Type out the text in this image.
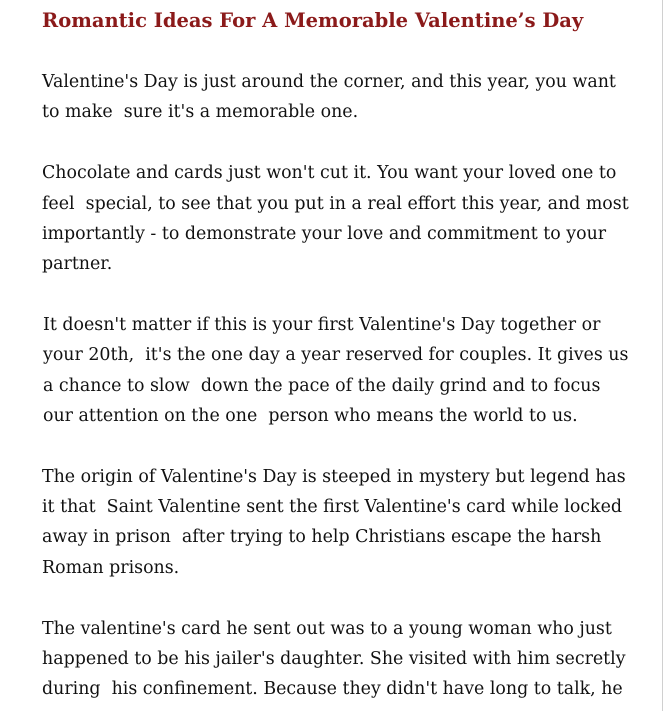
Romantic Ideas For A Memorable Valentine’s Day

Valentine's Day is just around the corner, and this year, you want
to make  sure it's a memorable one.

Chocolate and cards just won't cut it. You want your loved one to
feel  special, to see that you put in a real effort this year, and most
importantly - to demonstrate your love and commitment to your
partner.

It doesn't matter if this is your first Valentine's Day together or
your 20th,  it's the one day a year reserved for couples. It gives us
a chance to slow  down the pace of the daily grind and to focus
our attention on the one  person who means the world to us.

The origin of Valentine's Day is steeped in mystery but legend has
it that  Saint Valentine sent the first Valentine's card while locked
away in prison  after trying to help Christians escape the harsh
Roman prisons.

The valentine's card he sent out was to a young woman who just
happened to be his jailer's daughter. She visited with him secretly
during  his confinement. Because they didn't have long to talk, he
